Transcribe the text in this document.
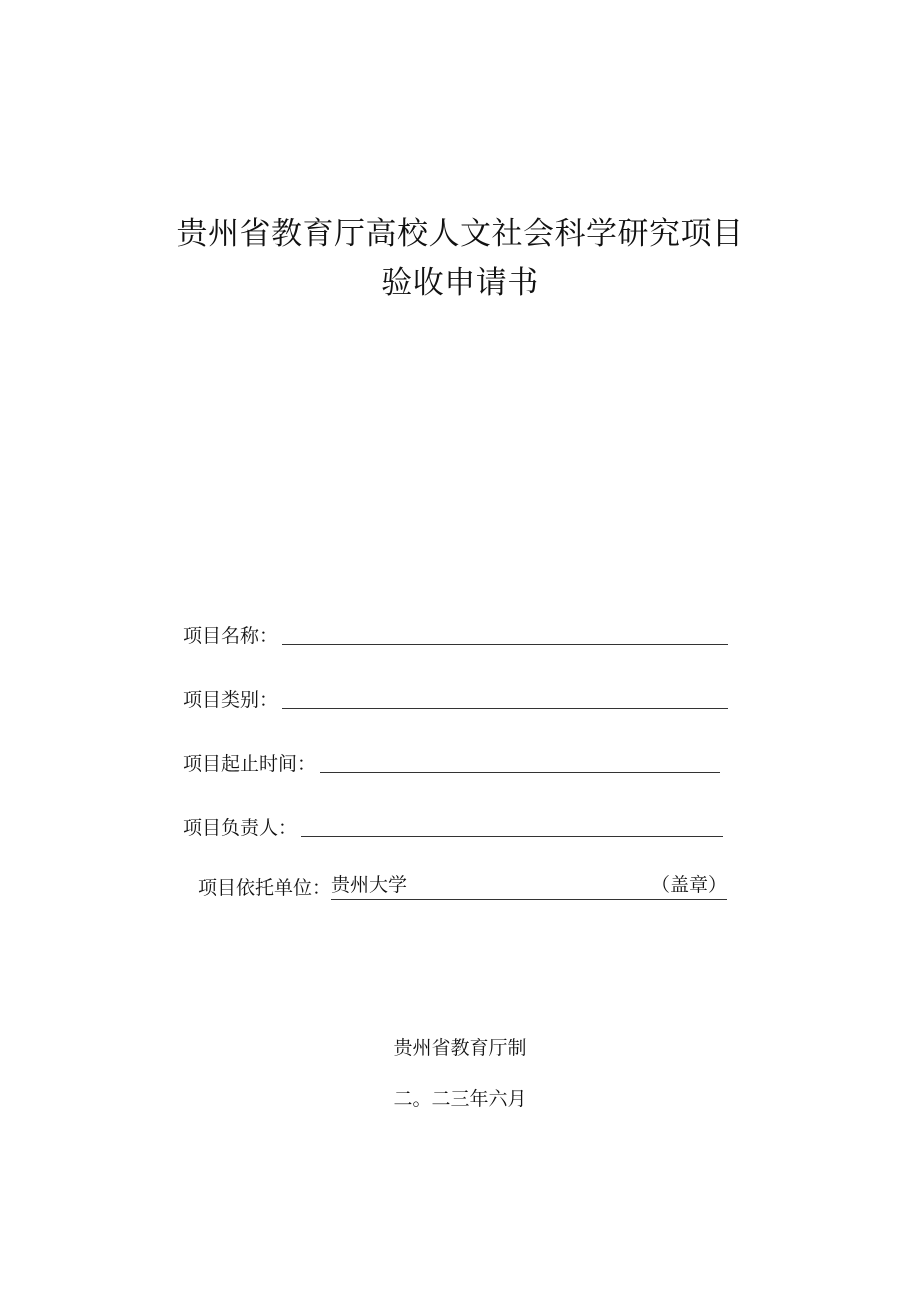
贵州省教育厅高校人文社会科学研究项目
验收申请书
项目名称：
项目类别：
项目起止时间：
项目负责人：
项目依托单位：
贵州大学	（盖章）
贵州省教育厅制
二。二三年六月
